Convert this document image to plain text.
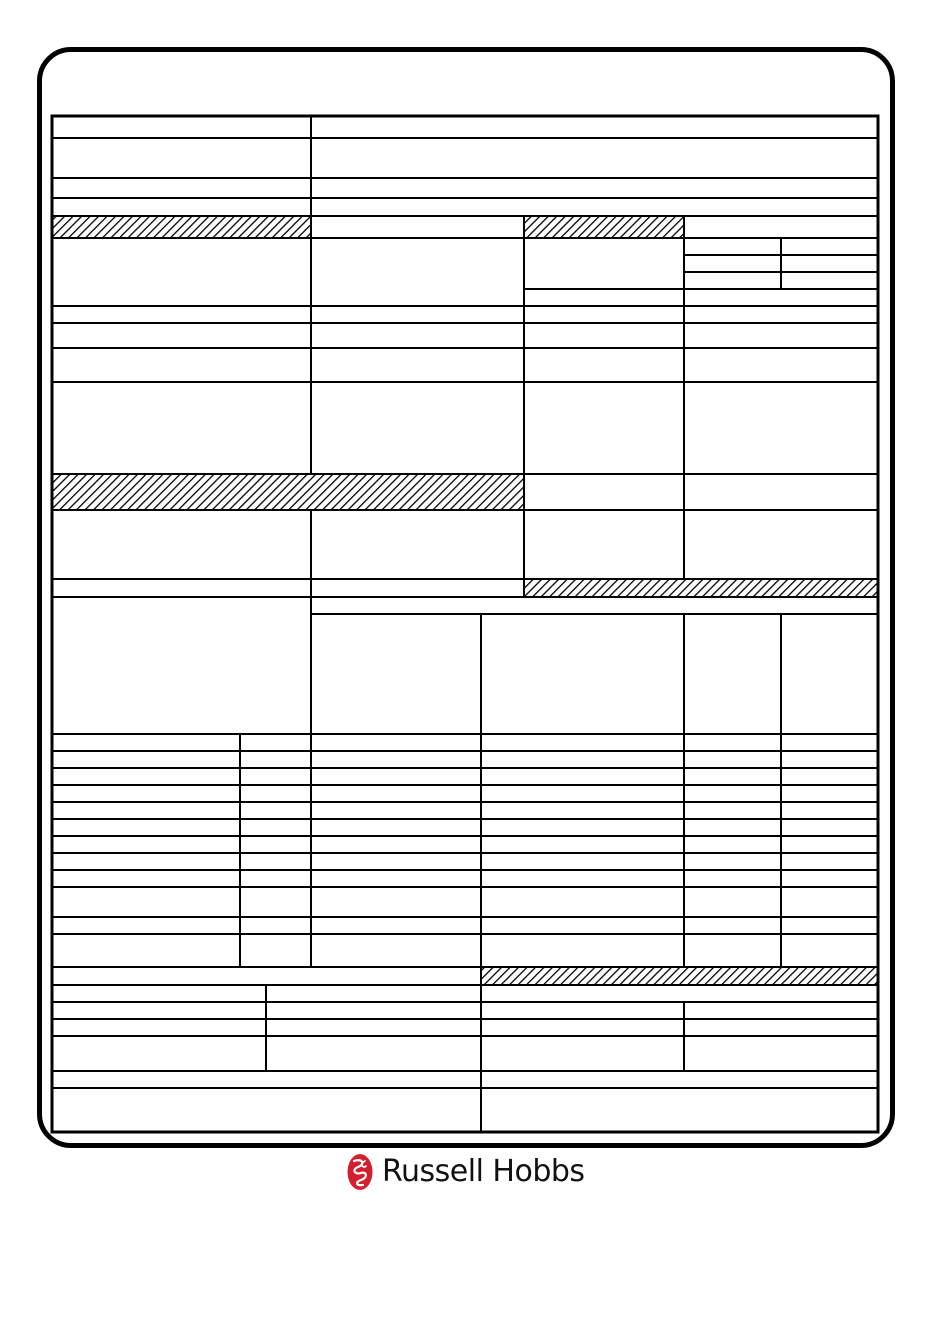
Russell Hobbs
